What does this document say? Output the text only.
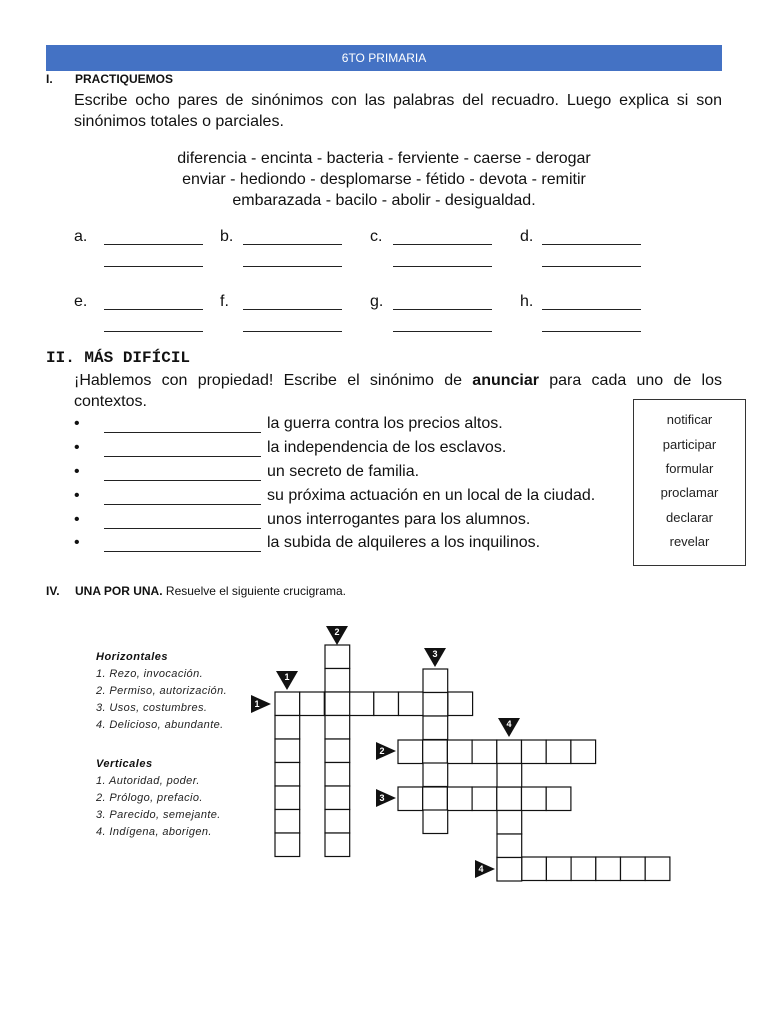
6TO PRIMARIA
I. PRACTIQUEMOS
Escribe ocho pares de sinónimos con las palabras del recuadro. Luego explica si son sinónimos totales o parciales.
diferencia - encinta - bacteria - ferviente - caerse - derogar
enviar - hediondo - desplomarse - fétido - devota - remitir
embarazada - bacilo - abolir - desigualdad.
a.	b.	c.	d.
e.	f.	g.	h.
II. MÁS DIFÍCIL
¡Hablemos con propiedad! Escribe el sinónimo de anunciar para cada uno de los contextos.
•	la guerra contra los precios altos.
•	la independencia de los esclavos.
•	un secreto de familia.
•	su próxima actuación en un local de la ciudad.
•	unos interrogantes para los alumnos.
•	la subida de alquileres a los inquilinos.
notificar
participar
formular
proclamar
declarar
revelar
IV. UNA POR UNA. Resuelve el siguiente crucigrama.
Horizontales
1. Rezo, invocación.
2. Permiso, autorización.
3. Usos, costumbres.
4. Delicioso, abundante.
Verticales
1. Autoridad, poder.
2. Prólogo, prefacio.
3. Parecido, semejante.
4. Indígena, aborigen.
1
2
3
4
1
2
3
4
